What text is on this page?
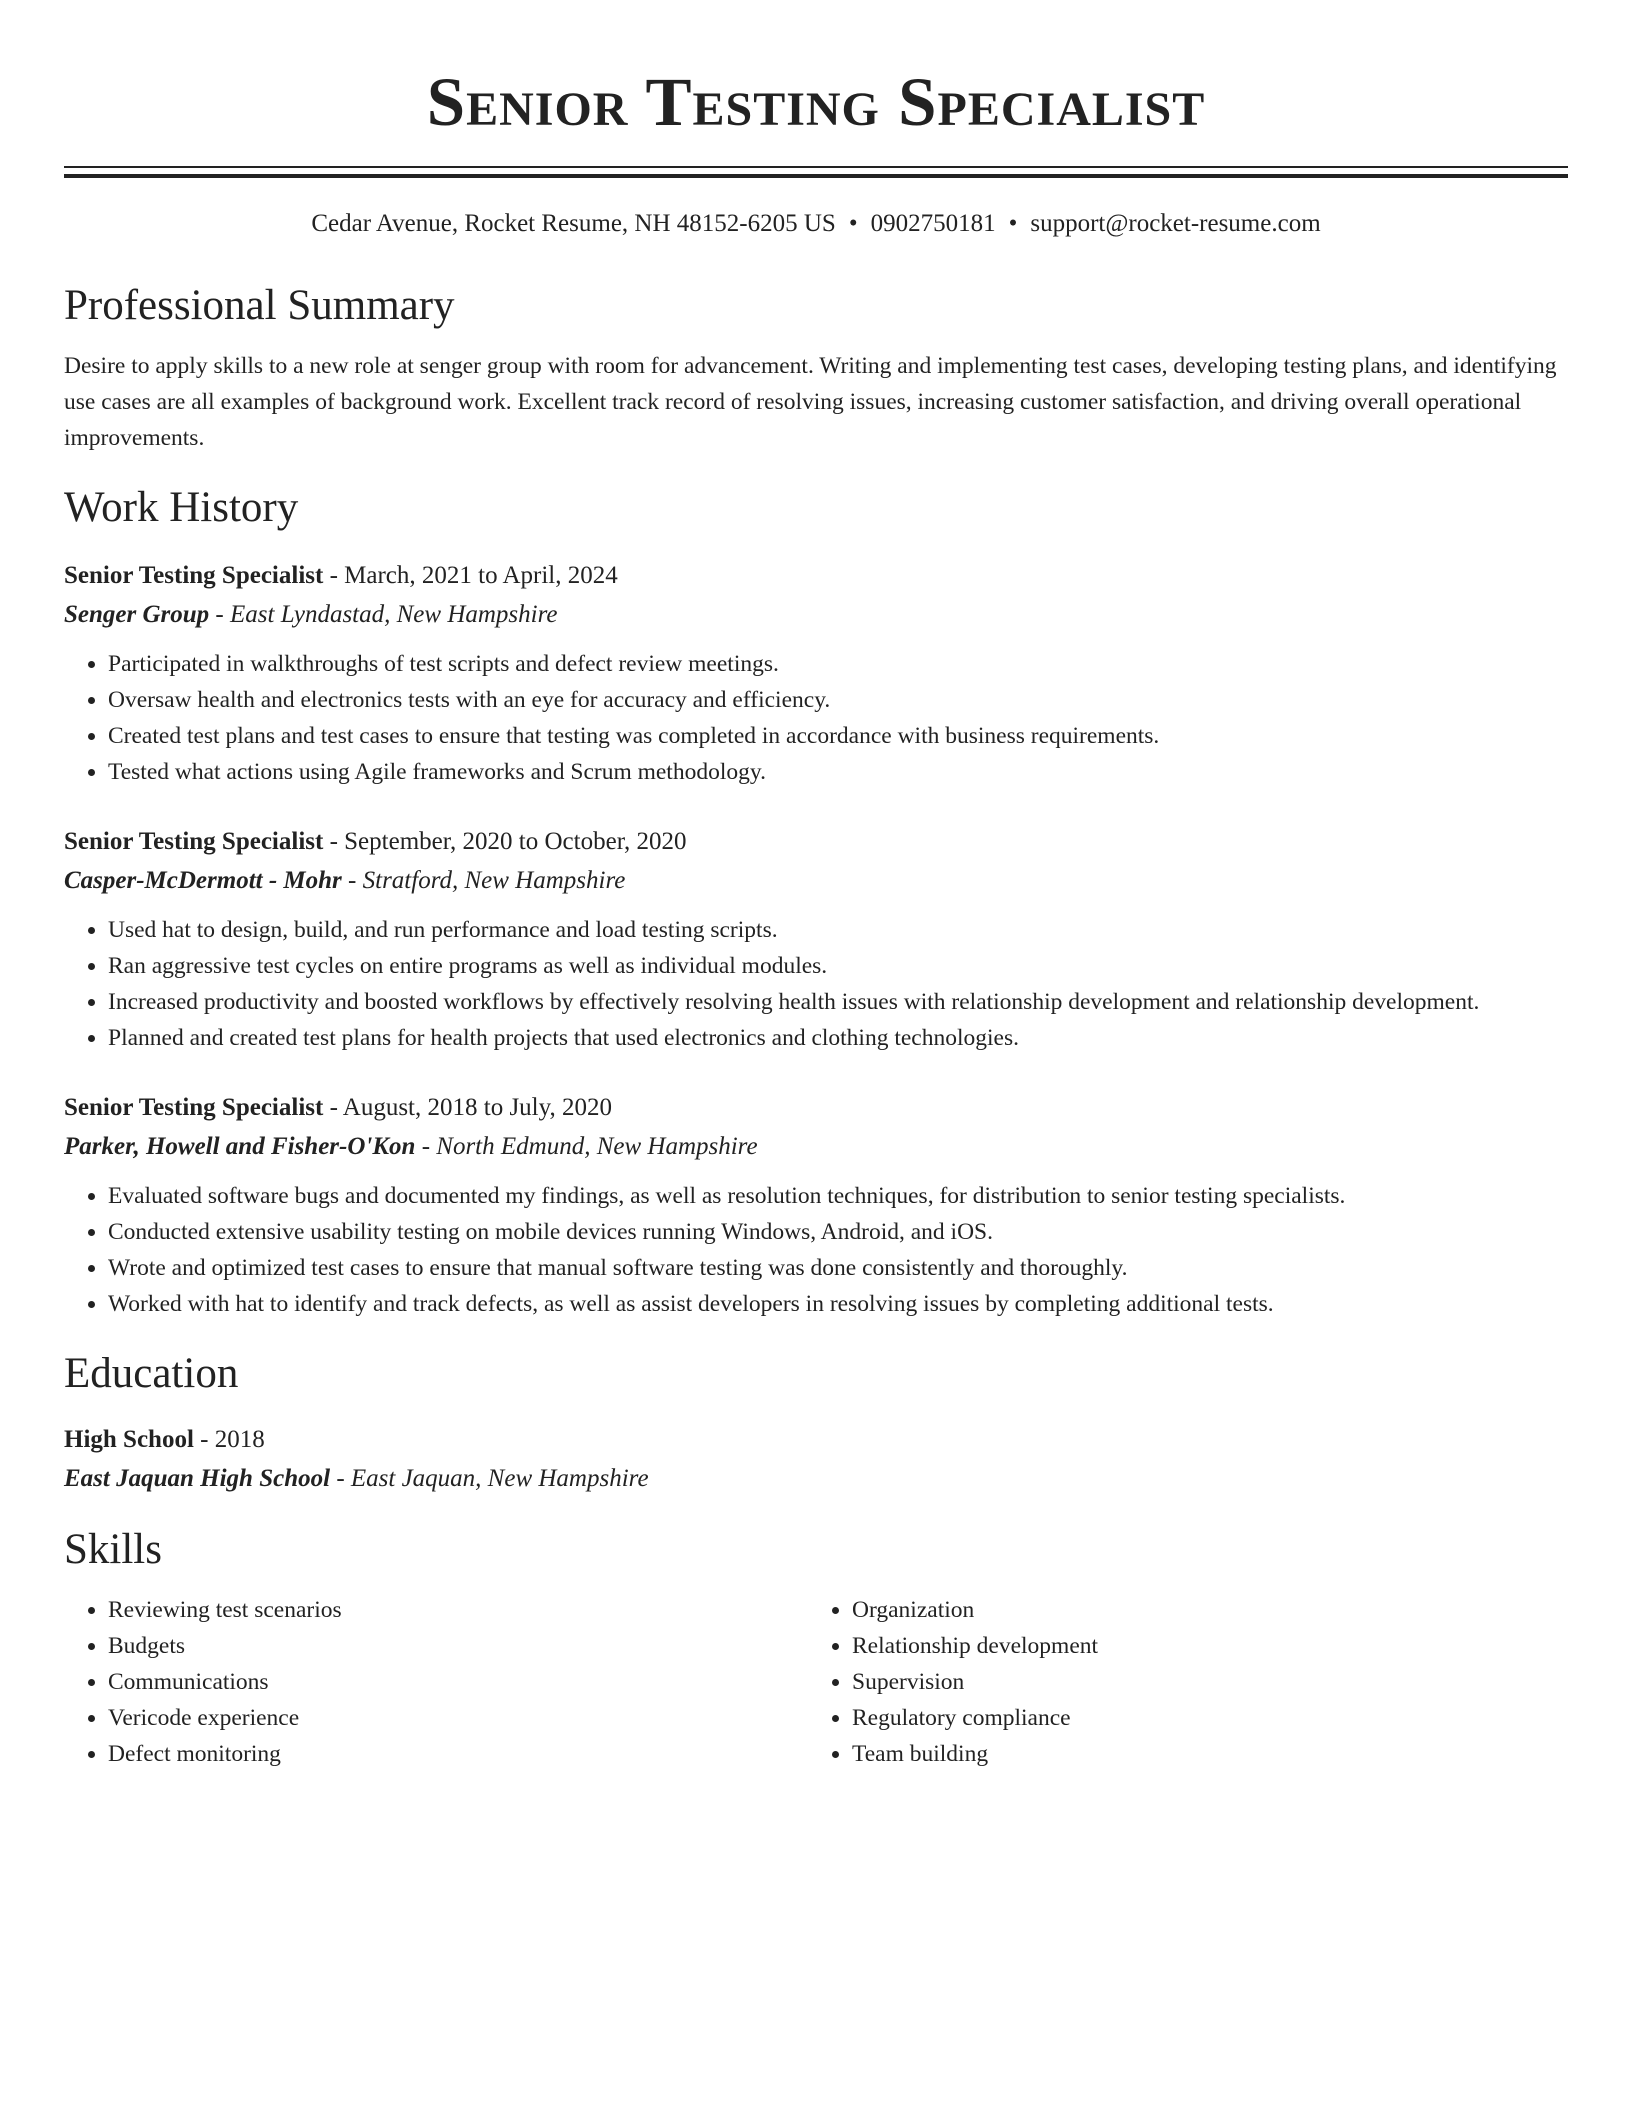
Senior Testing Specialist
Cedar Avenue, Rocket Resume, NH 48152-6205 US • 0902750181 • support@rocket-resume.com
Professional Summary
Desire to apply skills to a new role at senger group with room for advancement. Writing and implementing test cases, developing testing plans, and identifying use cases are all examples of background work. Excellent track record of resolving issues, increasing customer satisfaction, and driving overall operational improvements.
Work History
Senior Testing Specialist - March, 2021 to April, 2024
Senger Group - East Lyndastad, New Hampshire
• Participated in walkthroughs of test scripts and defect review meetings.
• Oversaw health and electronics tests with an eye for accuracy and efficiency.
• Created test plans and test cases to ensure that testing was completed in accordance with business requirements.
• Tested what actions using Agile frameworks and Scrum methodology.
Senior Testing Specialist - September, 2020 to October, 2020
Casper-McDermott - Mohr - Stratford, New Hampshire
• Used hat to design, build, and run performance and load testing scripts.
• Ran aggressive test cycles on entire programs as well as individual modules.
• Increased productivity and boosted workflows by effectively resolving health issues with relationship development and relationship development.
• Planned and created test plans for health projects that used electronics and clothing technologies.
Senior Testing Specialist - August, 2018 to July, 2020
Parker, Howell and Fisher-O'Kon - North Edmund, New Hampshire
• Evaluated software bugs and documented my findings, as well as resolution techniques, for distribution to senior testing specialists.
• Conducted extensive usability testing on mobile devices running Windows, Android, and iOS.
• Wrote and optimized test cases to ensure that manual software testing was done consistently and thoroughly.
• Worked with hat to identify and track defects, as well as assist developers in resolving issues by completing additional tests.
Education
High School - 2018
East Jaquan High School - East Jaquan, New Hampshire
Skills
• Reviewing test scenarios
• Budgets
• Communications
• Vericode experience
• Defect monitoring
• Organization
• Relationship development
• Supervision
• Regulatory compliance
• Team building
